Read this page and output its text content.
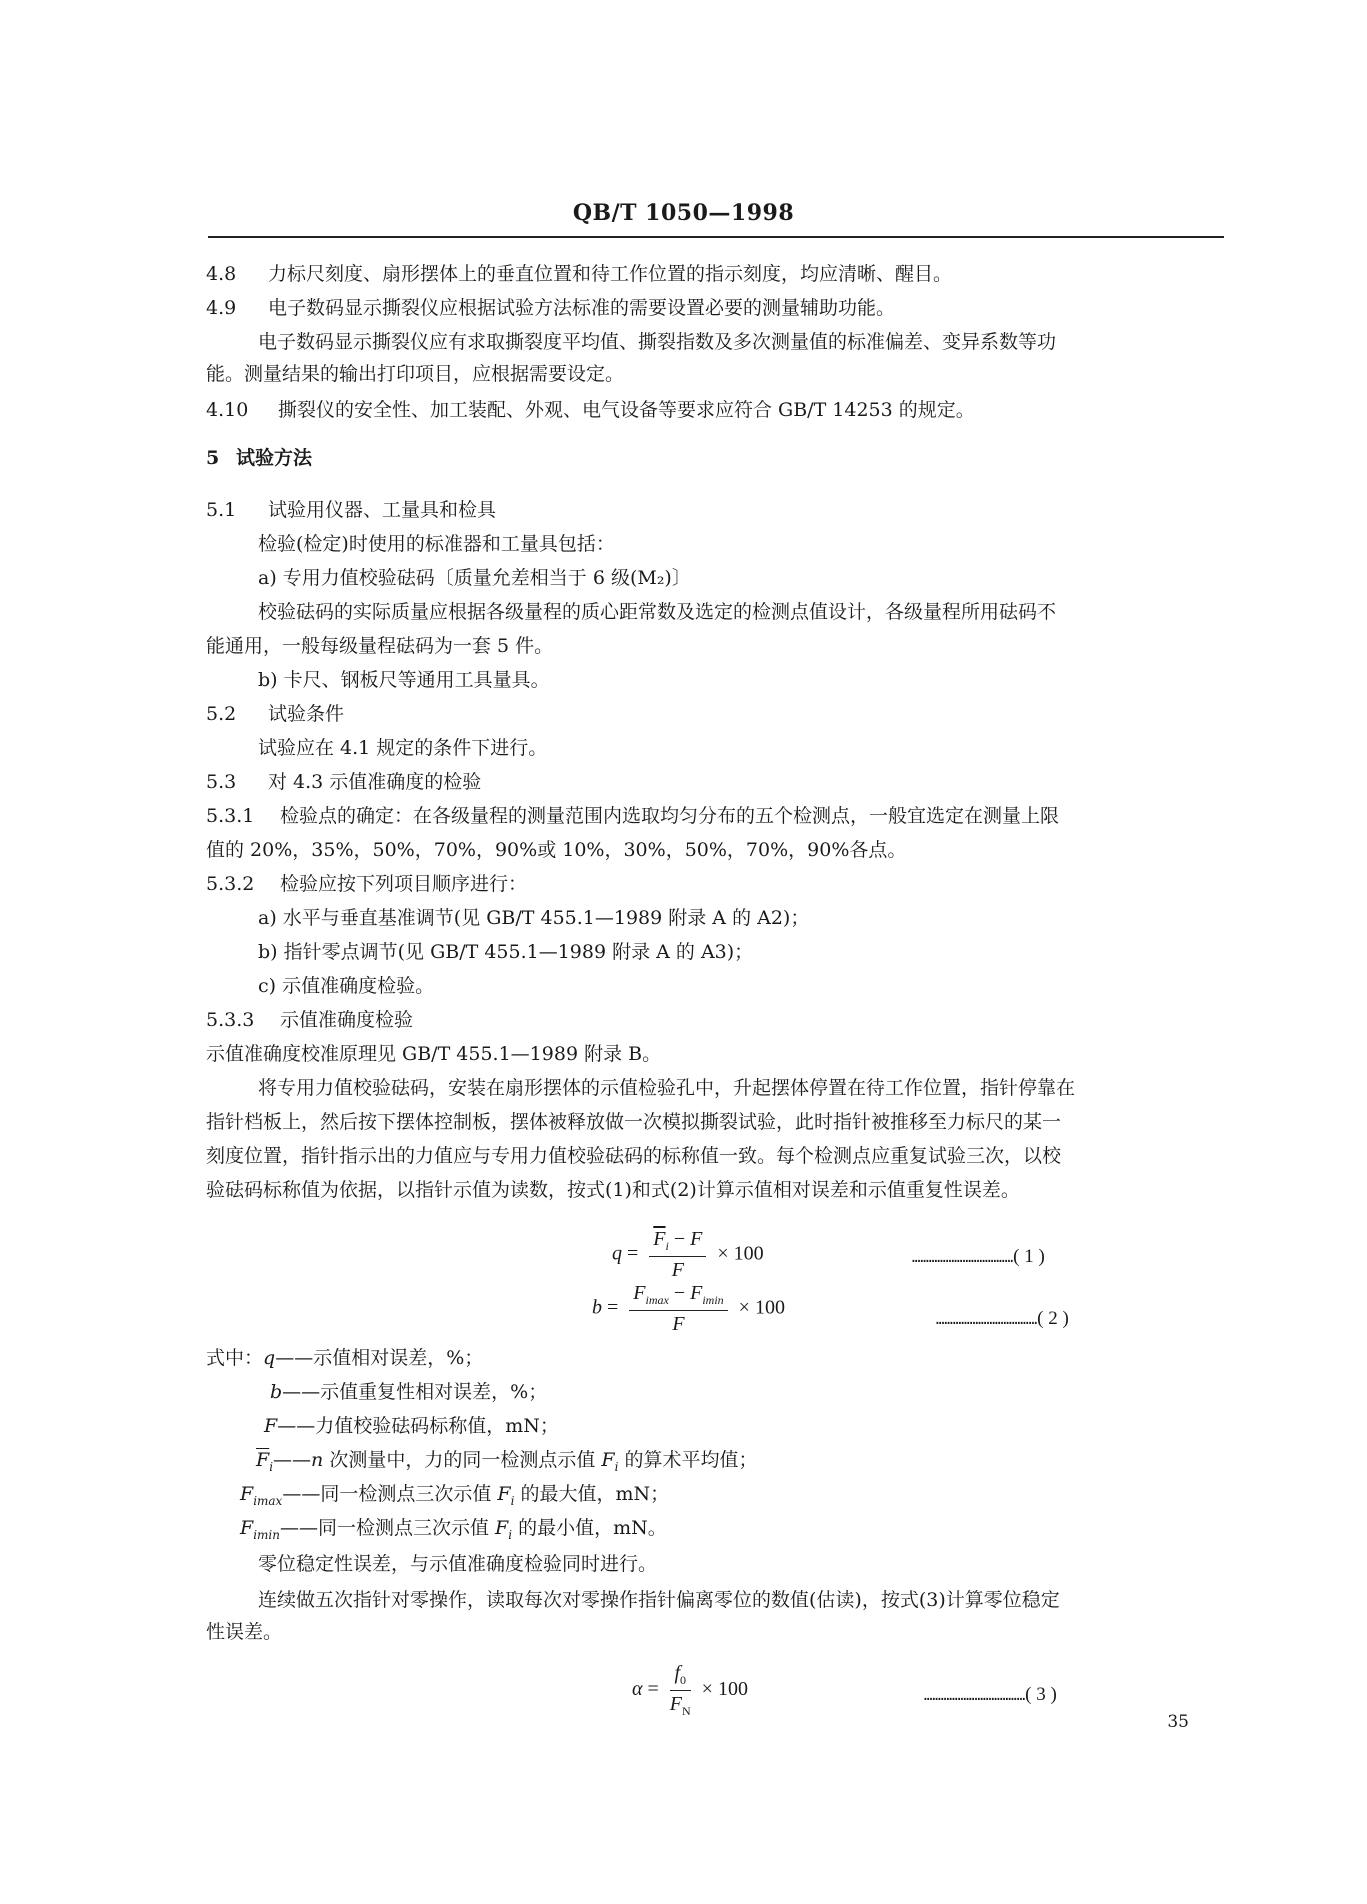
QB/T 1050—1998
4.8 力标尺刻度、扇形摆体上的垂直位置和待工作位置的指示刻度，均应清晰、醒目。
4.9 电子数码显示撕裂仪应根据试验方法标准的需要设置必要的测量辅助功能。
电子数码显示撕裂仪应有求取撕裂度平均值、撕裂指数及多次测量值的标准偏差、变异系数等功
能。测量结果的输出打印项目，应根据需要设定。
4.10 撕裂仪的安全性、加工装配、外观、电气设备等要求应符合 GB/T 14253 的规定。
5 试验方法
5.1 试验用仪器、工量具和检具
检验(检定)时使用的标准器和工量具包括：
a) 专用力值校验砝码〔质量允差相当于 6 级(M₂)〕
校验砝码的实际质量应根据各级量程的质心距常数及选定的检测点值设计，各级量程所用砝码不
能通用，一般每级量程砝码为一套 5 件。
b) 卡尺、钢板尺等通用工具量具。
5.2 试验条件
试验应在 4.1 规定的条件下进行。
5.3 对 4.3 示值准确度的检验
5.3.1 检验点的确定：在各级量程的测量范围内选取均匀分布的五个检测点，一般宜选定在测量上限
值的 20%，35%，50%，70%，90%或 10%，30%，50%，70%，90%各点。
5.3.2 检验应按下列项目顺序进行：
a) 水平与垂直基准调节(见 GB/T 455.1—1989 附录 A 的 A2)；
b) 指针零点调节(见 GB/T 455.1—1989 附录 A 的 A3)；
c) 示值准确度检验。
5.3.3 示值准确度检验
示值准确度校准原理见 GB/T 455.1—1989 附录 B。
将专用力值校验砝码，安装在扇形摆体的示值检验孔中，升起摆体停置在待工作位置，指针停靠在
指针档板上，然后按下摆体控制板，摆体被释放做一次模拟撕裂试验，此时指针被推移至力标尺的某一
刻度位置，指针指示出的力值应与专用力值校验砝码的标称值一致。每个检测点应重复试验三次，以校
验砝码标称值为依据，以指针示值为读数，按式(1)和式(2)计算示值相对误差和示值重复性误差。
$q = \frac{\overline{F}_i - F}{F} \times 100$	………………………………( 1 )
$b = \frac{F_{imax} - F_{imin}}{F} \times 100$
………………………………( 2 )
式中：q——示值相对误差，%；
b——示值重复性相对误差，%；
F——力值校验砝码标称值，mN；
$\overline{F}_i——n$ 次测量中，力的同一检测点示值 $F_i$ 的算术平均值；
$F_{imax}——$同一检测点三次示值 $F_i$ 的最大值，mN；
$F_{imin}——$同一检测点三次示值 $F_i$ 的最小值，mN。
零位稳定性误差，与示值准确度检验同时进行。
连续做五次指针对零操作，读取每次对零操作指针偏离零位的数值(估读)，按式(3)计算零位稳定
性误差。
$\alpha = \frac{f_0}{F_N} \times 100$	………………………………( 3 )
35
